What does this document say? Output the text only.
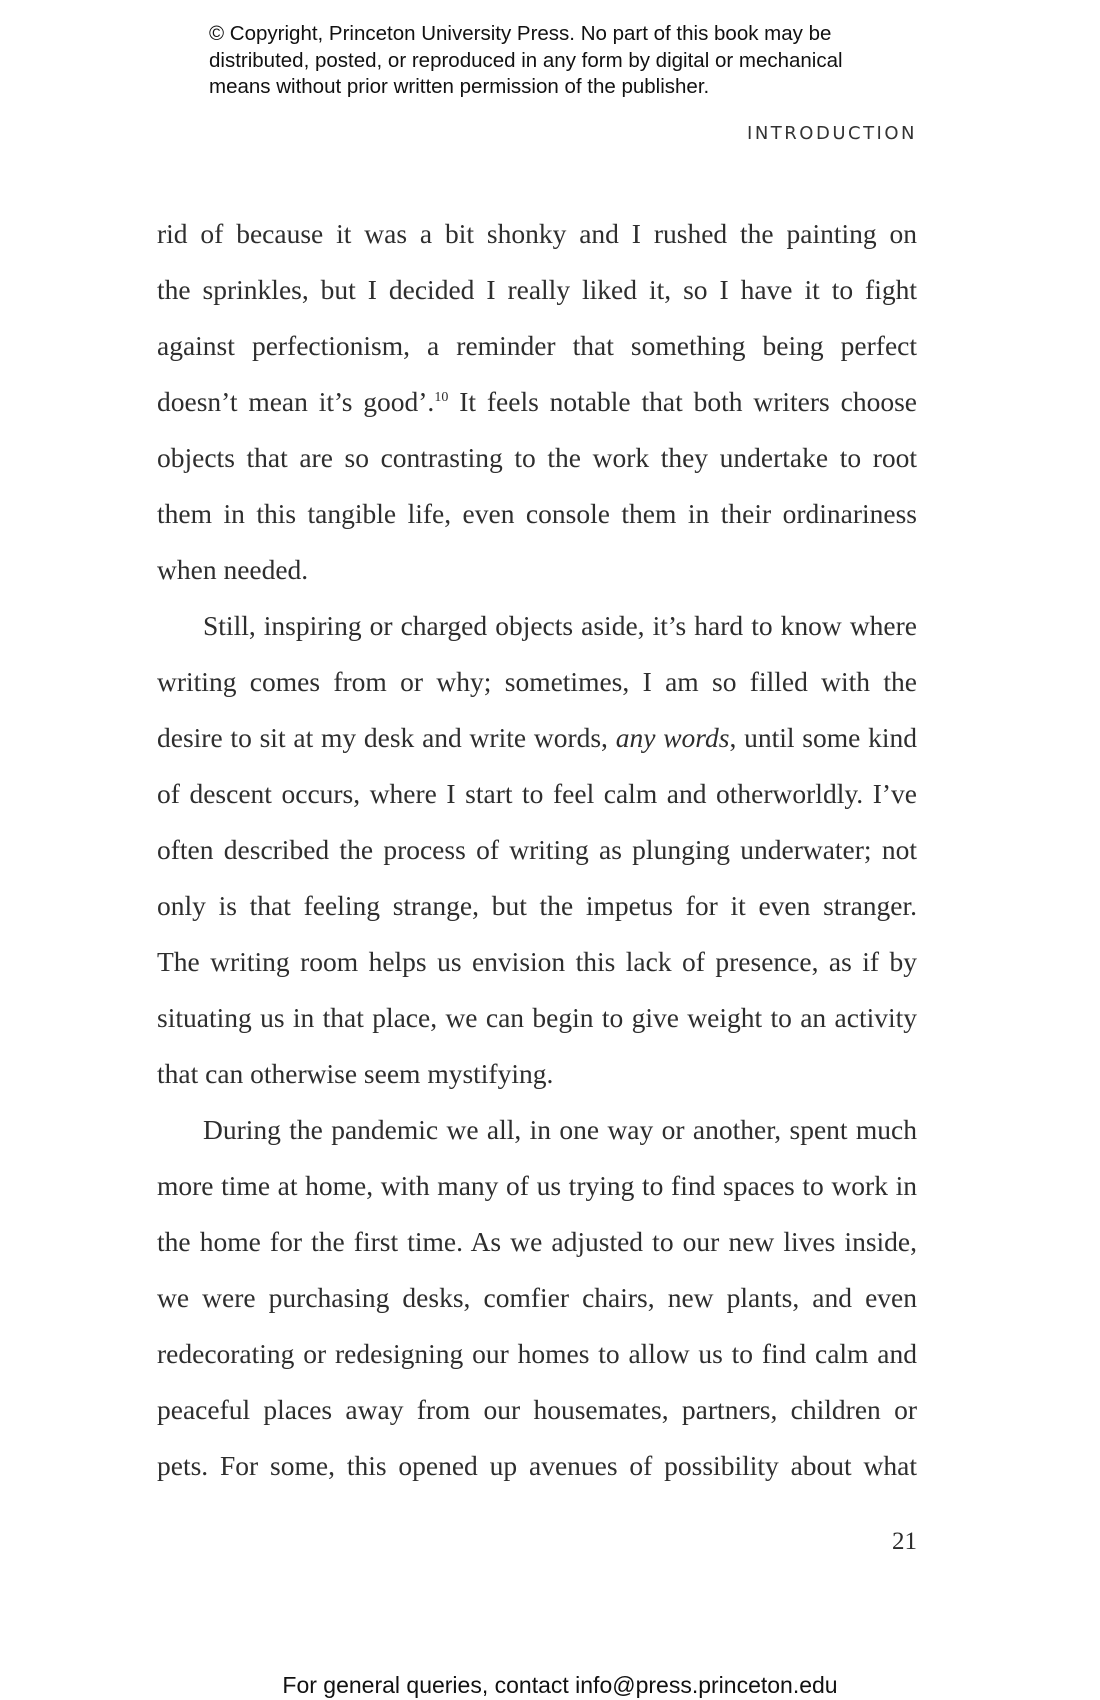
© Copyright, Princeton University Press. No part of this book may be
distributed, posted, or reproduced in any form by digital or mechanical
means without prior written permission of the publisher.
INTRODUCTION
rid of because it was a bit shonky and I rushed the painting on
the sprinkles, but I decided I really liked it, so I have it to fight
against perfectionism, a reminder that something being perfect
doesn’t mean it’s good’.$^{10}$ It feels notable that both writers choose
objects that are so contrasting to the work they undertake to root
them in this tangible life, even console them in their ordinariness
when needed.
Still, inspiring or charged objects aside, it’s hard to know where
writing comes from or why; sometimes, I am so filled with the
desire to sit at my desk and write words, any words, until some kind
of descent occurs, where I start to feel calm and otherworldly. I’ve
often described the process of writing as plunging underwater; not
only is that feeling strange, but the impetus for it even stranger.
The writing room helps us envision this lack of presence, as if by
situating us in that place, we can begin to give weight to an activity
that can otherwise seem mystifying.
During the pandemic we all, in one way or another, spent much
more time at home, with many of us trying to find spaces to work in
the home for the first time. As we adjusted to our new lives inside,
we were purchasing desks, comfier chairs, new plants, and even
redecorating or redesigning our homes to allow us to find calm and
peaceful places away from our housemates, partners, children or
pets. For some, this opened up avenues of possibility about what
21
For general queries, contact info@press.princeton.edu
